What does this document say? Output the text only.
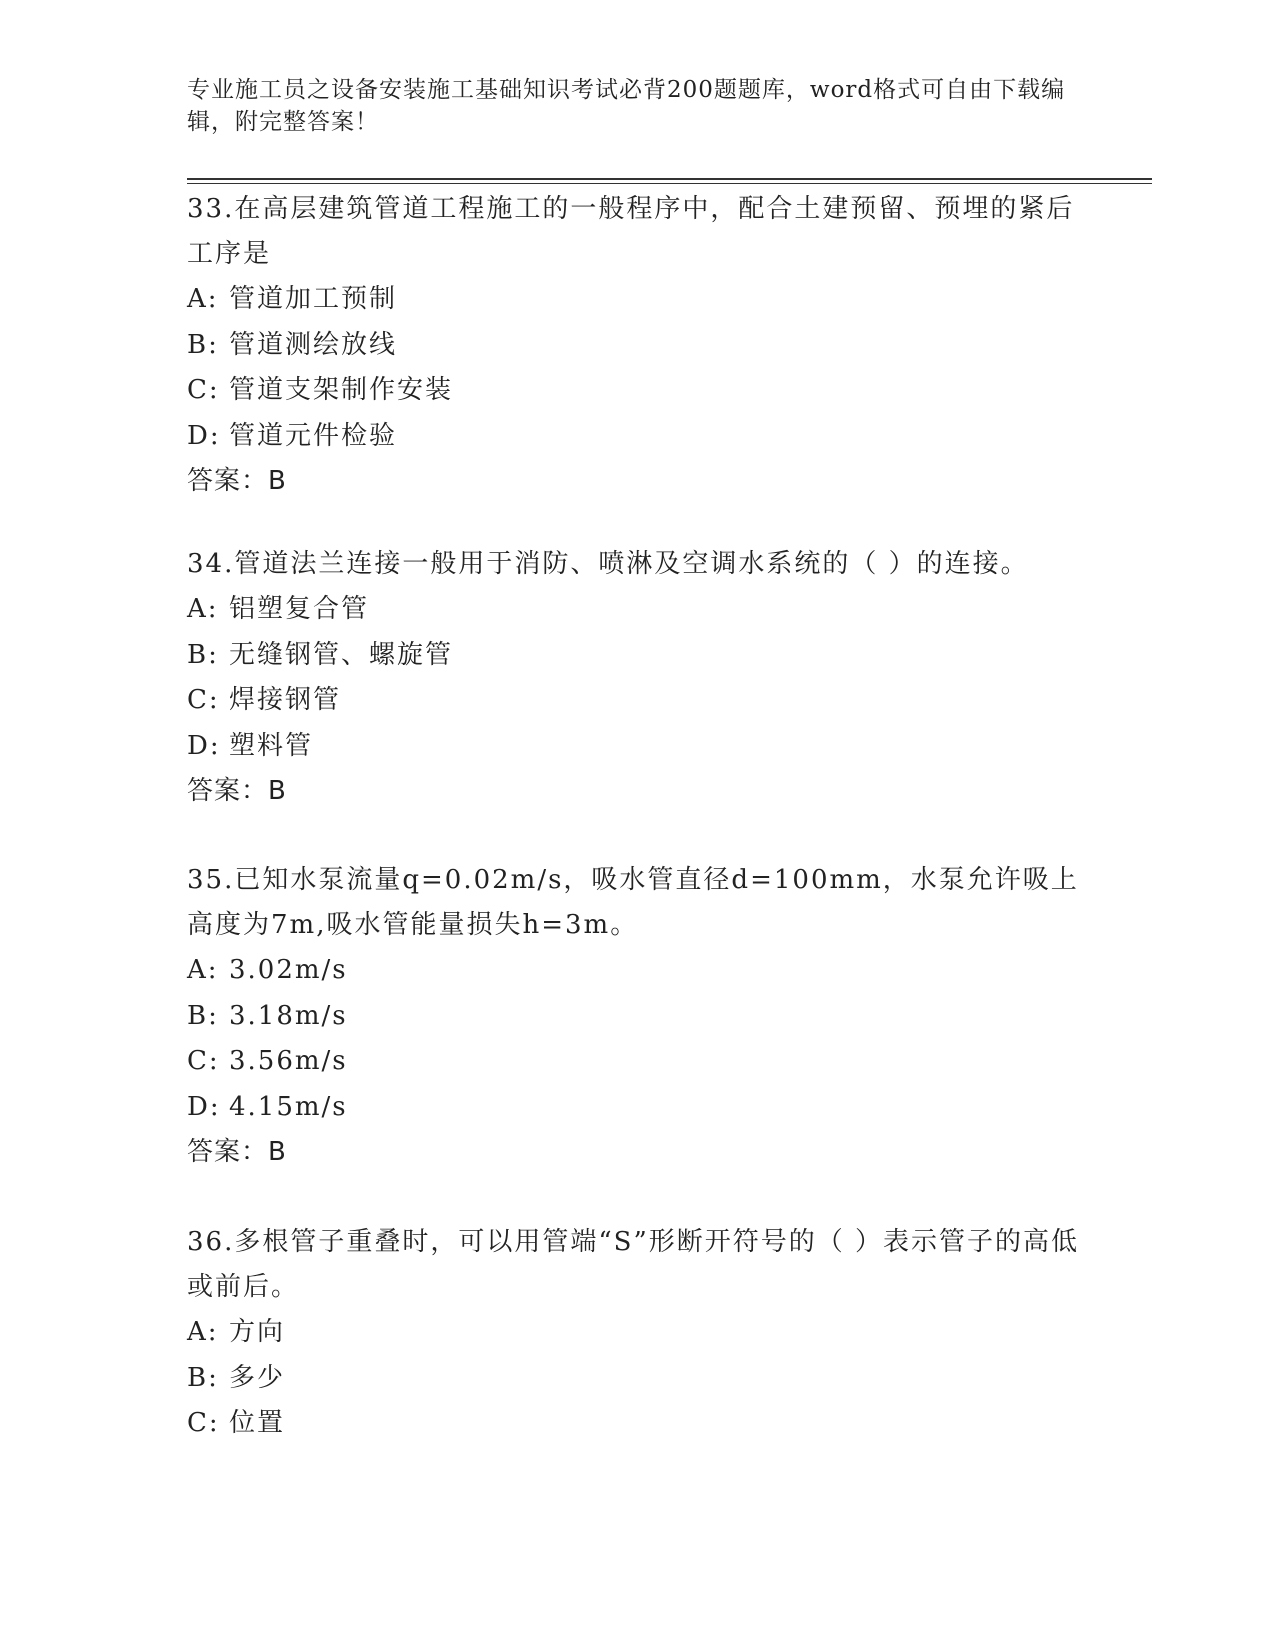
专业施工员之设备安装施工基础知识考试必背200题题库，word格式可自由下载编辑，附完整答案！

33.在高层建筑管道工程施工的一般程序中，配合土建预留、预埋的紧后工序是

A: 管道加工预制

B: 管道测绘放线

C: 管道支架制作安装

D: 管道元件检验

答案：B

34.管道法兰连接一般用于消防、喷淋及空调水系统的（ ）的连接。

A: 铝塑复合管

B: 无缝钢管、螺旋管

C: 焊接钢管

D: 塑料管

答案：B

35.已知水泵流量q=0.02m/s，吸水管直径d=100mm，水泵允许吸上高度为7m,吸水管能量损失h=3m。

A: 3.02m/s

B: 3.18m/s

C: 3.56m/s

D: 4.15m/s

答案：B

36.多根管子重叠时，可以用管端“S”形断开符号的（ ）表示管子的高低或前后。

A: 方向

B: 多少

C: 位置
